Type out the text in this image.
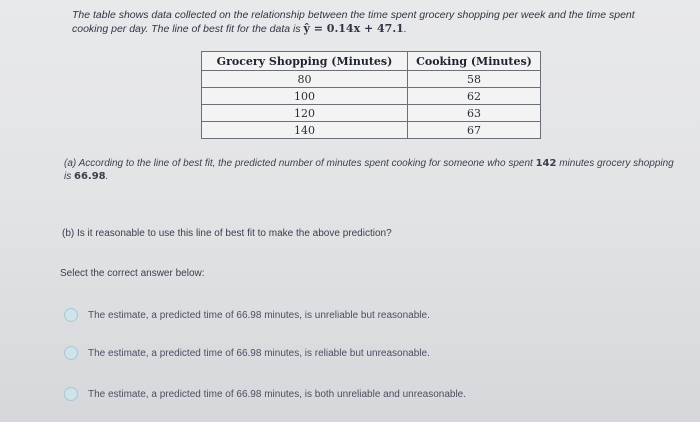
The table shows data collected on the relationship between the time spent grocery shopping per week and the time spent cooking per day. The line of best fit for the data is ŷ = 0.14x + 47.1.
Grocery Shopping (Minutes)	Cooking (Minutes)
80	58
100	62
120	63
140	67
(a) According to the line of best fit, the predicted number of minutes spent cooking for someone who spent 142 minutes grocery shopping is 66.98.
(b) Is it reasonable to use this line of best fit to make the above prediction?
Select the correct answer below:
The estimate, a predicted time of 66.98 minutes, is unreliable but reasonable.
The estimate, a predicted time of 66.98 minutes, is reliable but unreasonable.
The estimate, a predicted time of 66.98 minutes, is both unreliable and unreasonable.
